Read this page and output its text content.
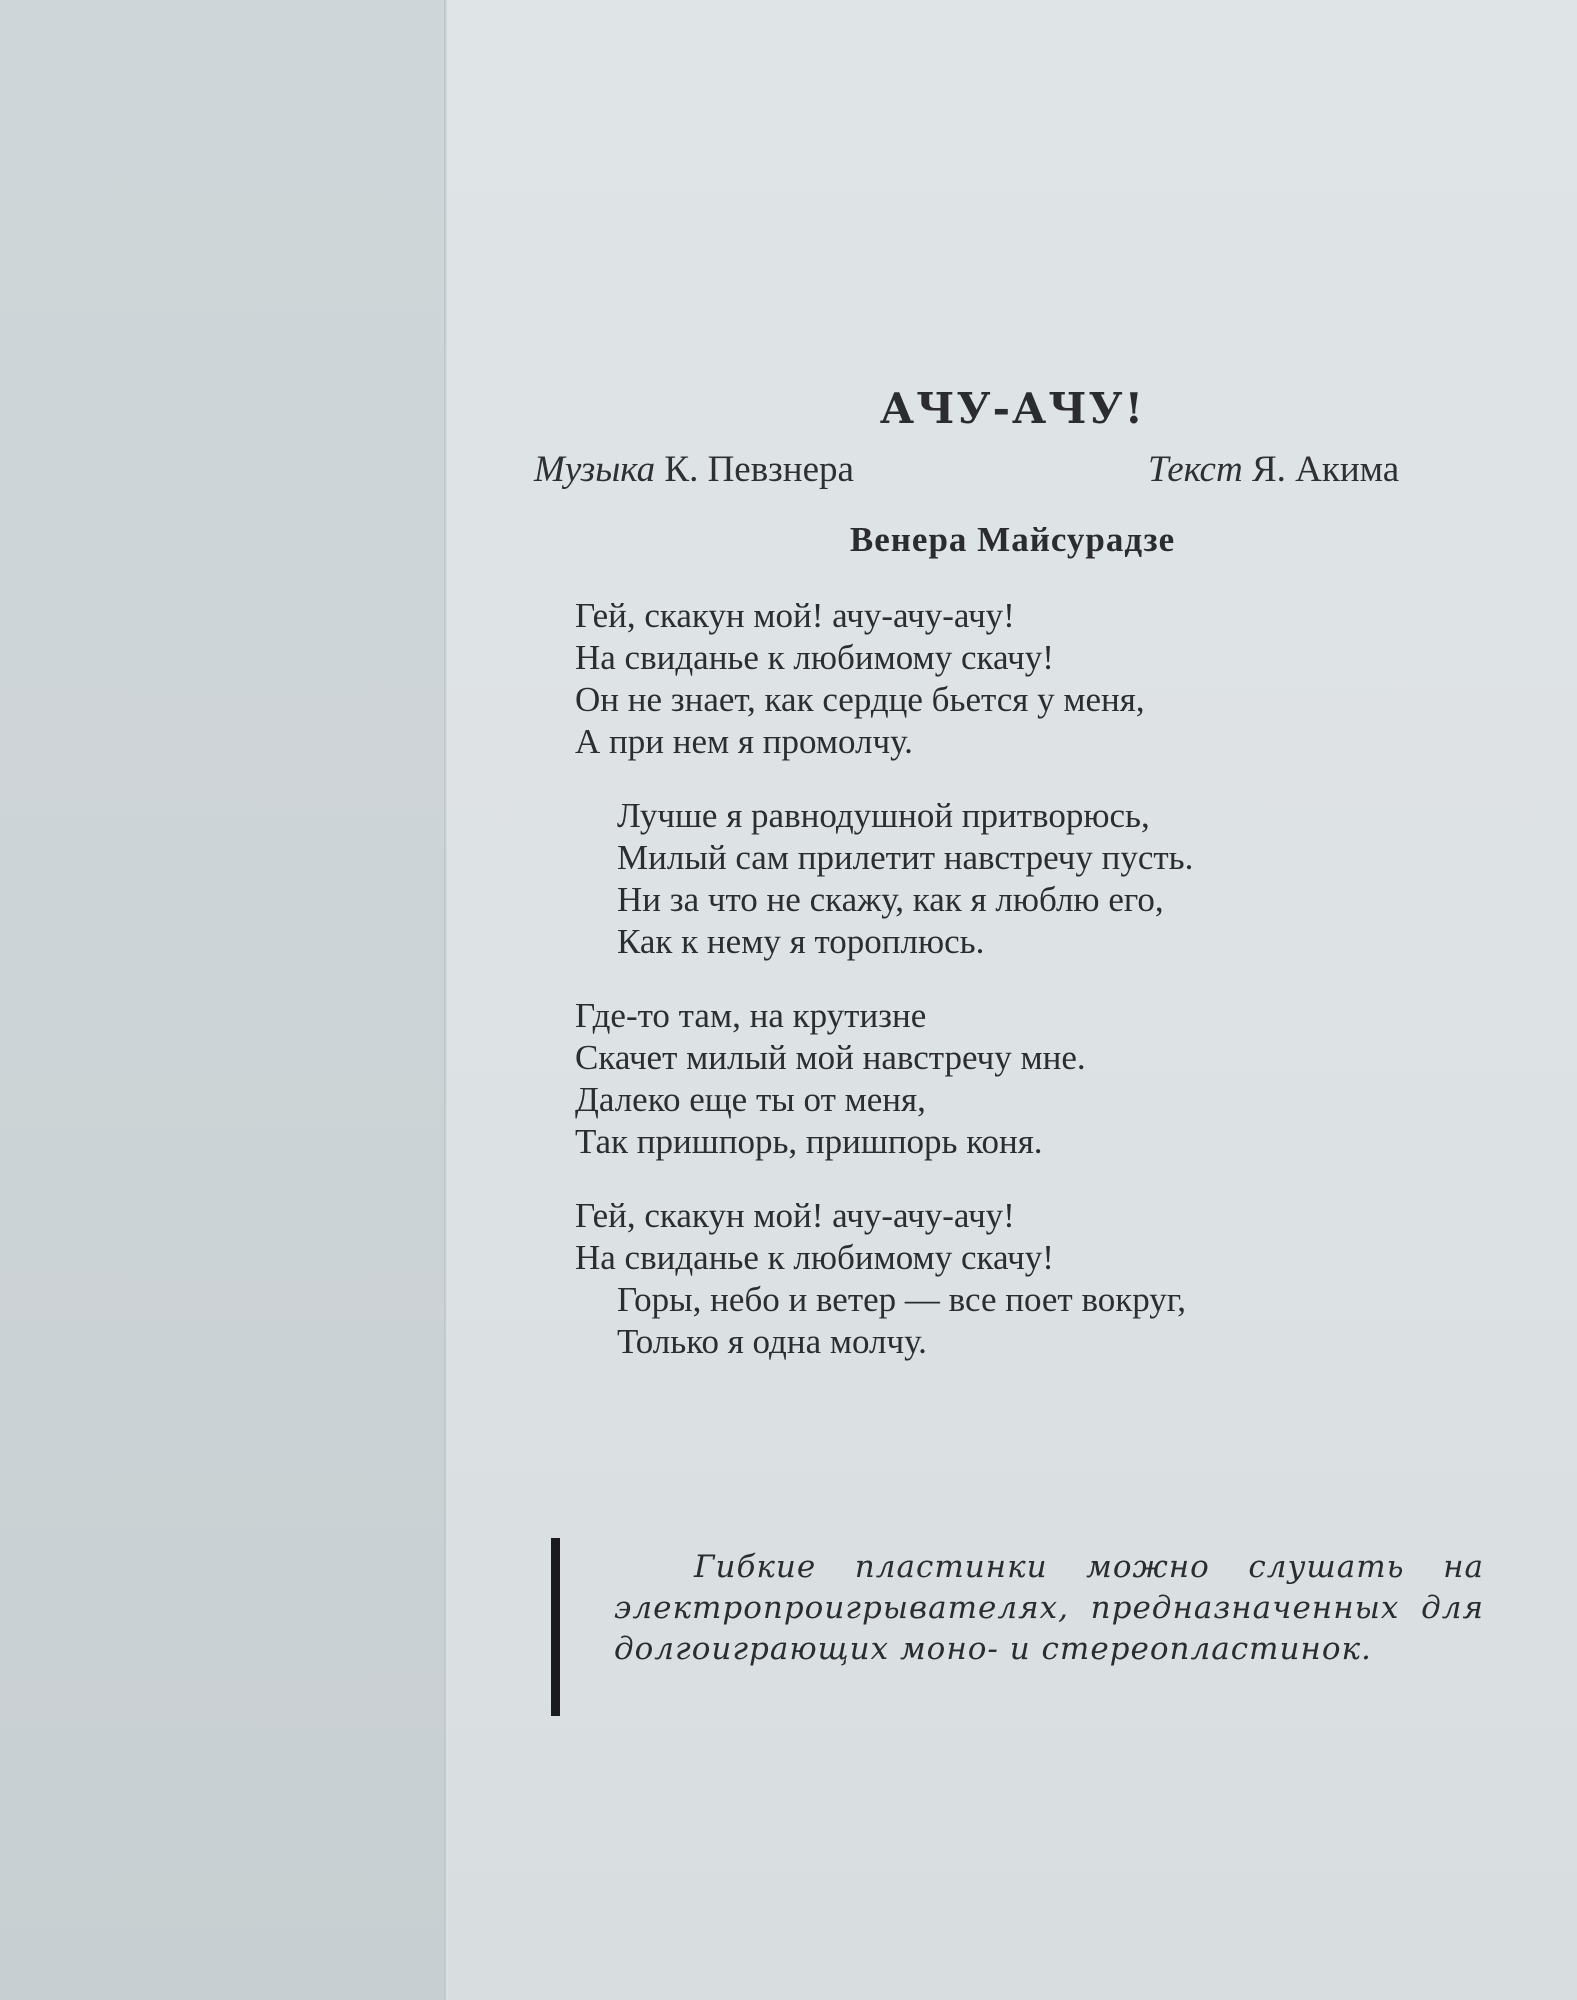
АЧУ-АЧУ!
Музыка К. Певзнера	Текст Я. Акима
Венера Майсурадзе
Гей, скакун мой! ачу-ачу-ачу!
На свиданье к любимому скачу!
Он не знает, как сердце бьется у меня,
А при нем я промолчу.
Лучше я равнодушной притворюсь,
Милый сам прилетит навстречу пусть.
Ни за что не скажу, как я люблю его,
Как к нему я тороплюсь.
Где-то там, на крутизне
Скачет милый мой навстречу мне.
Далеко еще ты от меня,
Так пришпорь, пришпорь коня.
Гей, скакун мой! ачу-ачу-ачу!
На свиданье к любимому скачу!
Горы, небо и ветер — все поет вокруг,
Только я одна молчу.
Гибкие пластинки можно слушать на электропроигрывателях, предназначенных для долгоиграющих моно- и стереопластинок.
